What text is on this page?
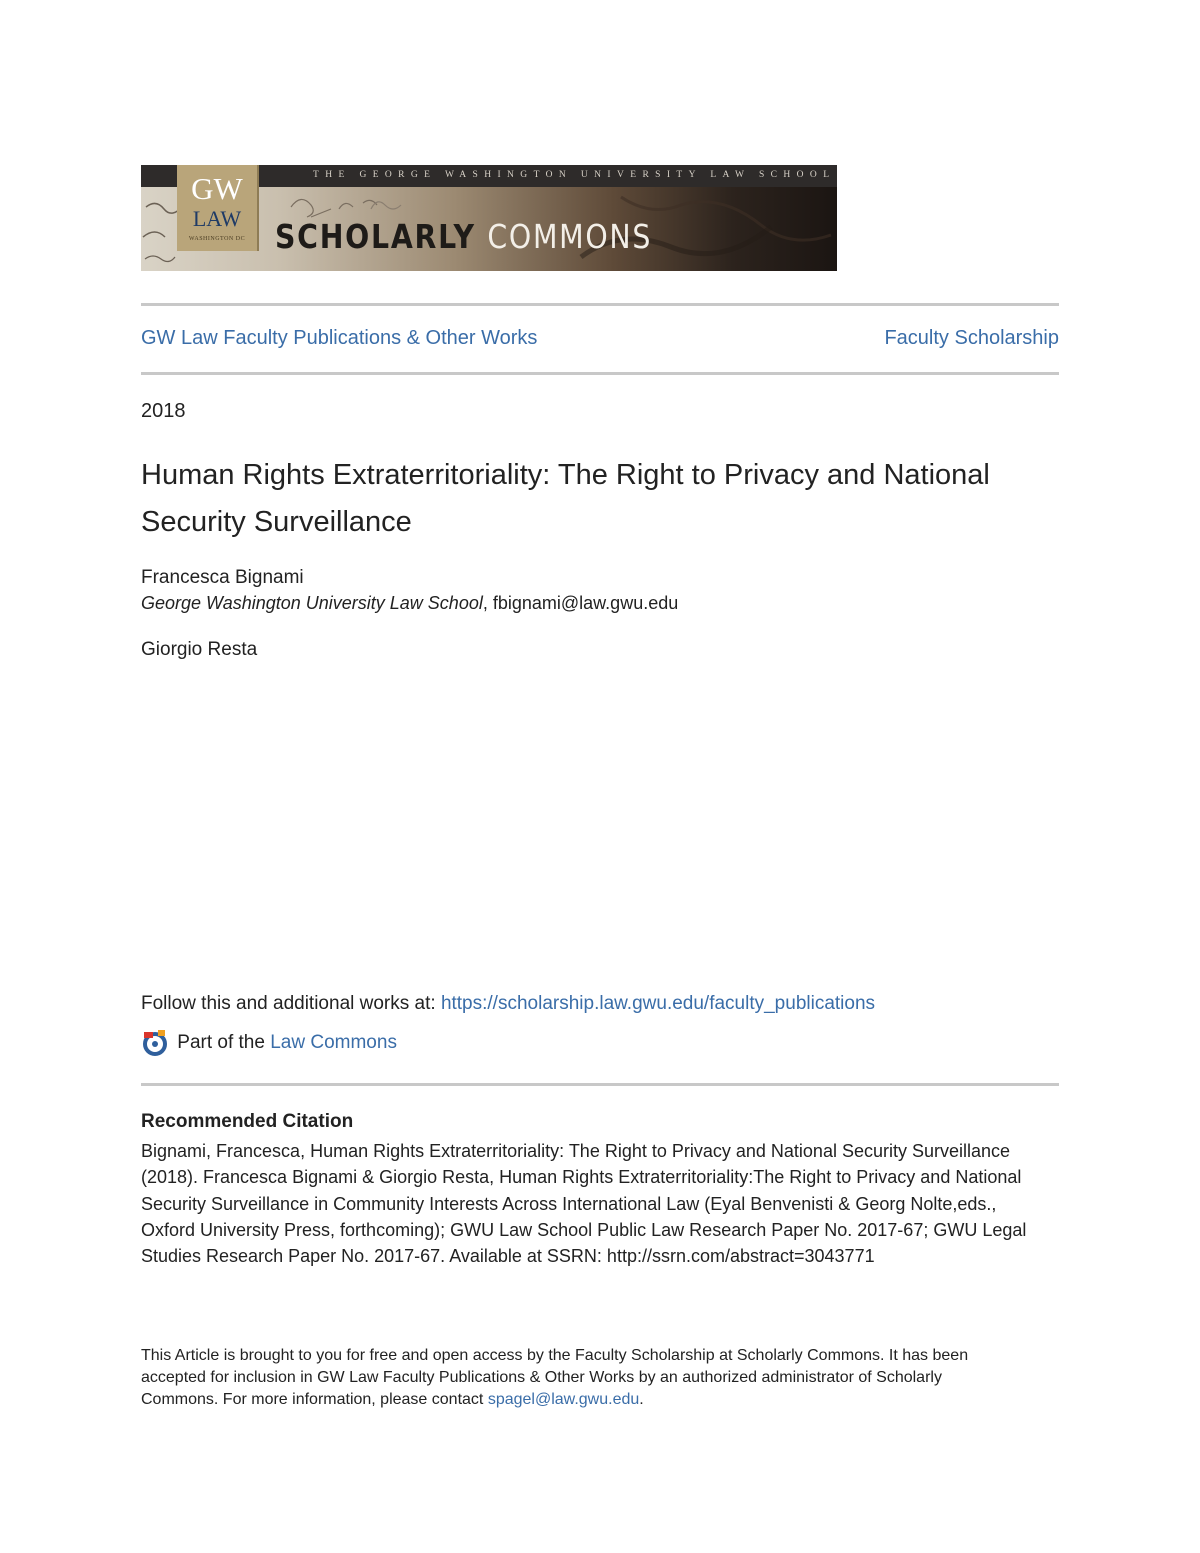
THE GEORGE WASHINGTON UNIVERSITY LAW SCHOOL
GW
LAW
WASHINGTON DC SCHOLARLY COMMONS
GW Law Faculty Publications & Other Works	Faculty Scholarship
2018
Human Rights Extraterritoriality: The Right to Privacy and National Security Surveillance
Francesca Bignami
George Washington University Law School, fbignami@law.gwu.edu
Giorgio Resta
Follow this and additional works at: https://scholarship.law.gwu.edu/faculty_publications
Part of the Law Commons
Recommended Citation
Bignami, Francesca, Human Rights Extraterritoriality: The Right to Privacy and National Security Surveillance (2018). Francesca Bignami & Giorgio Resta, Human Rights Extraterritoriality:The Right to Privacy and National Security Surveillance in Community Interests Across International Law (Eyal Benvenisti & Georg Nolte,eds., Oxford University Press, forthcoming); GWU Law School Public Law Research Paper No. 2017-67; GWU Legal Studies Research Paper No. 2017-67. Available at SSRN: http://ssrn.com/abstract=3043771
This Article is brought to you for free and open access by the Faculty Scholarship at Scholarly Commons. It has been accepted for inclusion in GW Law Faculty Publications & Other Works by an authorized administrator of Scholarly Commons. For more information, please contact spagel@law.gwu.edu.
